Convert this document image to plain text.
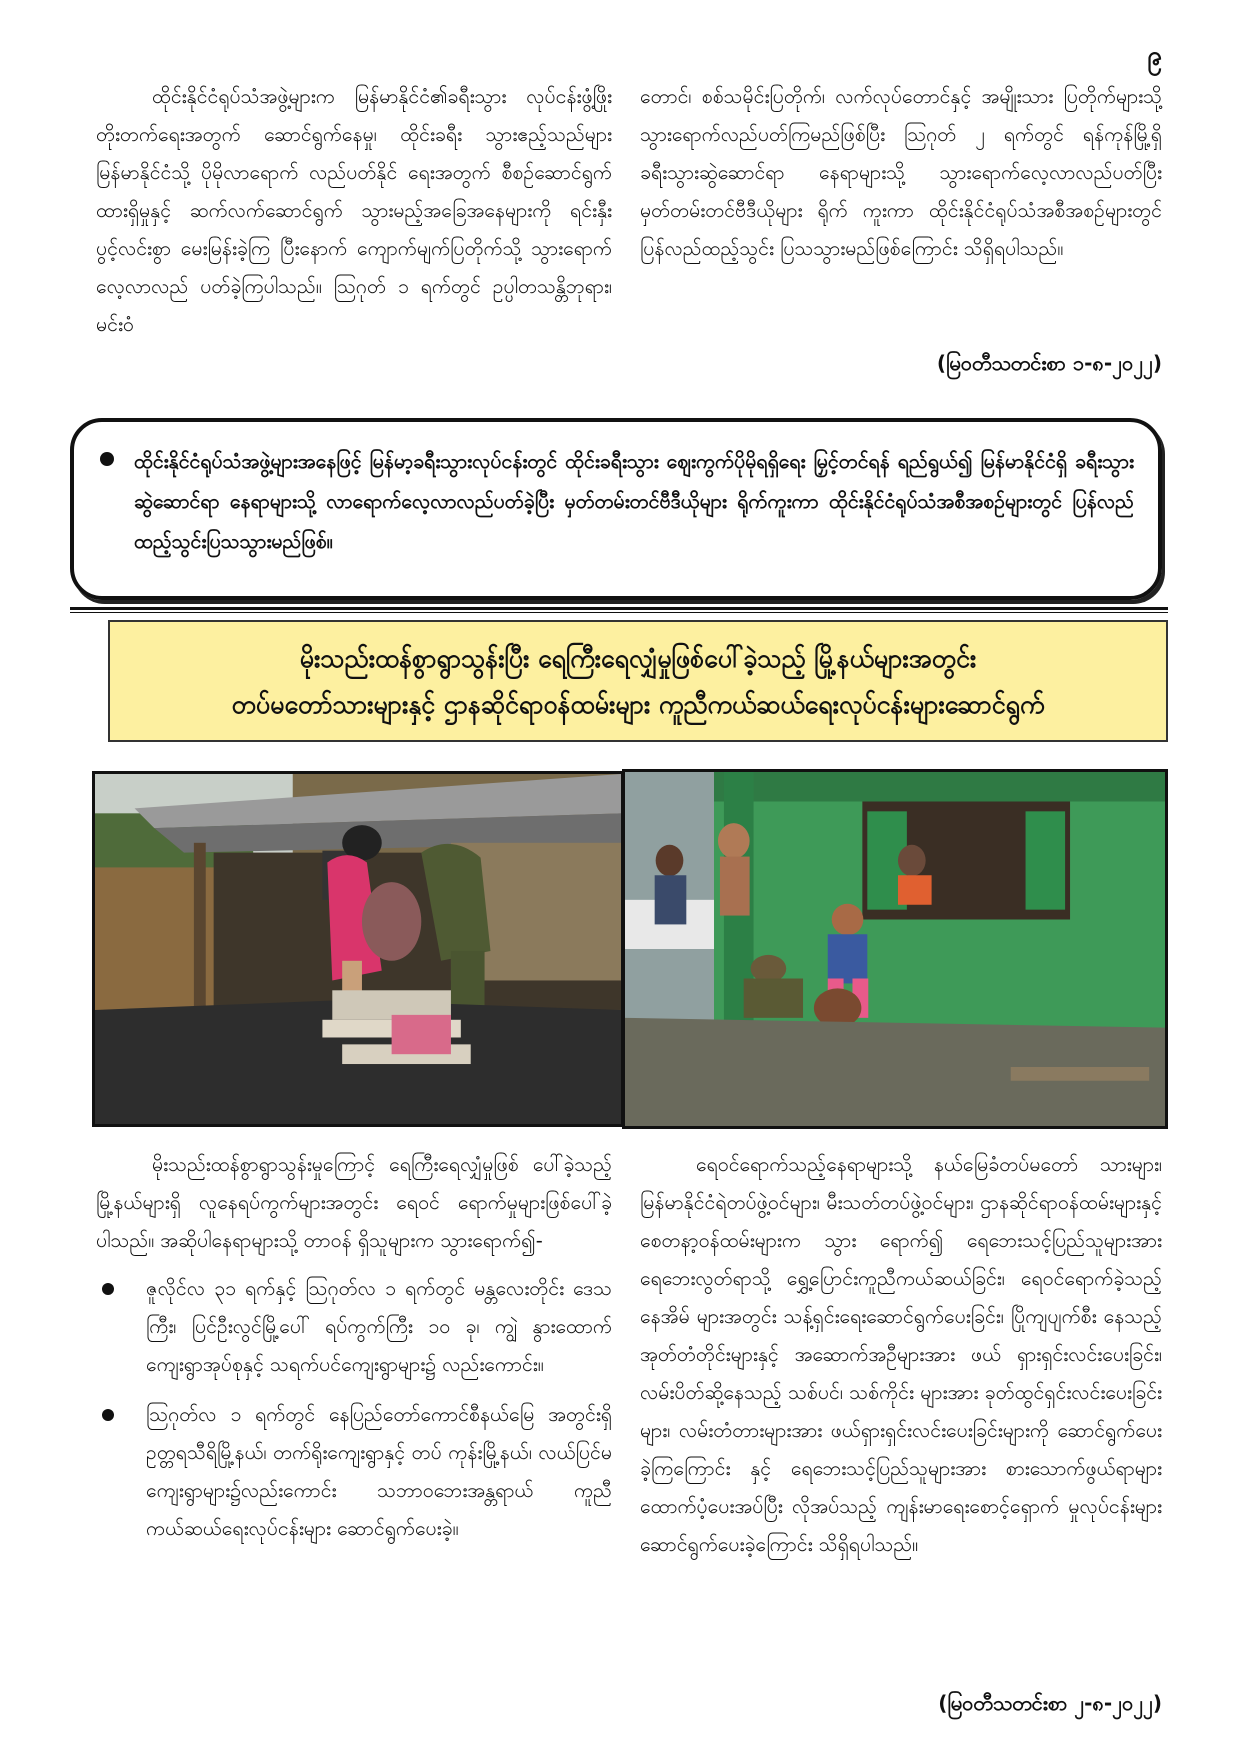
၉

ထိုင်းနိုင်ငံရုပ်သံအဖွဲ့များက မြန်မာနိုင်ငံ၏ခရီးသွား လုပ်ငန်းဖွံ့ဖြိုးတိုးတက်ရေးအတွက် ဆောင်ရွက်နေမှု၊ ထိုင်းခရီး သွားဧည့်သည်များ မြန်မာနိုင်ငံသို့ ပိုမိုလာရောက် လည်ပတ်နိုင် ရေးအတွက် စီစဉ်ဆောင်ရွက်ထားရှိမှုနှင့် ဆက်လက်ဆောင်ရွက် သွားမည့်အခြေအနေများကို ရင်းနှီးပွင့်လင်းစွာ မေးမြန်းခဲ့ကြ ပြီးနောက် ကျောက်မျက်ပြတိုက်သို့ သွားရောက်လေ့လာလည် ပတ်ခဲ့ကြပါသည်။ ဩဂုတ် ၁ ရက်တွင် ဥပ္ပါတသန္တိဘုရား၊ မင်းဝံ

တောင်၊ စစ်သမိုင်းပြတိုက်၊ လက်လုပ်တောင်နှင့် အမျိုးသား ပြတိုက်များသို့ သွားရောက်လည်ပတ်ကြမည်ဖြစ်ပြီး ဩဂုတ် ၂ ရက်တွင် ရန်ကုန်မြို့ရှိ ခရီးသွားဆွဲဆောင်ရာ နေရာများသို့ သွားရောက်လေ့လာလည်ပတ်ပြီး မှတ်တမ်းတင်ဗီဒီယိုများ ရိုက် ကူးကာ ထိုင်းနိုင်ငံရုပ်သံအစီအစဉ်များတွင် ပြန်လည်ထည့်သွင်း ပြသသွားမည်ဖြစ်ကြောင်း သိရှိရပါသည်။

(မြဝတီသတင်းစာ ၁-၈-၂၀၂၂)
ထိုင်းနိုင်ငံရုပ်သံအဖွဲ့များအနေဖြင့် မြန်မာ့ခရီးသွားလုပ်ငန်းတွင် ထိုင်းခရီးသွား ဈေးကွက်ပိုမိုရရှိရေး မြှင့်တင်ရန် ရည်ရွယ်၍ မြန်မာနိုင်ငံရှိ ခရီးသွားဆွဲဆောင်ရာ နေရာများသို့ လာရောက်လေ့လာလည်ပတ်ခဲ့ပြီး မှတ်တမ်းတင်ဗီဒီယိုများ ရိုက်ကူးကာ ထိုင်းနိုင်ငံရုပ်သံအစီအစဉ်များတွင် ပြန်လည်ထည့်သွင်းပြသသွားမည်ဖြစ်။
မိုးသည်းထန်စွာရွာသွန်းပြီး ရေကြီးရေလျှံမှုဖြစ်ပေါ်ခဲ့သည့် မြို့နယ်များအတွင်း
တပ်မတော်သားများနှင့် ဌာနဆိုင်ရာဝန်ထမ်းများ ကူညီကယ်ဆယ်ရေးလုပ်ငန်းများဆောင်ရွက်

မိုးသည်းထန်စွာရွာသွန်းမှုကြောင့် ရေကြီးရေလျှံမှုဖြစ် ပေါ်ခဲ့သည့် မြို့နယ်များရှိ လူနေရပ်ကွက်များအတွင်း ရေဝင် ရောက်မှုများဖြစ်ပေါ်ခဲ့ပါသည်။ အဆိုပါနေရာများသို့ တာဝန် ရှိသူများက သွားရောက်၍-

ဇူလိုင်လ ၃၁ ရက်နှင့် ဩဂုတ်လ ၁ ရက်တွင် မန္တလေးတိုင်း ဒေသကြီး၊ ပြင်ဦးလွင်မြို့ပေါ် ရပ်ကွက်ကြီး ၁၀ ခု၊ ကျွဲ နွားထောက်ကျေးရွာအုပ်စုနှင့် သရက်ပင်ကျေးရွာများ၌ လည်းကောင်း။
ဩဂုတ်လ ၁ ရက်တွင် နေပြည်တော်ကောင်စီနယ်မြေ အတွင်းရှိ ဥတ္တရသီရိမြို့နယ်၊ တက်ရိုးကျေးရွာနှင့် တပ် ကုန်းမြို့နယ်၊ လယ်ပြင်မကျေးရွာများ၌လည်းကောင်း သဘာဝဘေးအန္တရာယ် ကူညီကယ်ဆယ်ရေးလုပ်ငန်းများ ဆောင်ရွက်ပေးခဲ့။

ရေဝင်ရောက်သည့်နေရာများသို့ နယ်မြေခံတပ်မတော် သားများ၊ မြန်မာနိုင်ငံရဲတပ်ဖွဲ့ဝင်များ၊ မီးသတ်တပ်ဖွဲ့ဝင်များ၊ ဌာနဆိုင်ရာဝန်ထမ်းများနှင့် စေတနာ့ဝန်ထမ်းများက သွား ရောက်၍ ရေဘေးသင့်ပြည်သူများအား ရေဘေးလွတ်ရာသို့ ရွှေ့ပြောင်းကူညီကယ်ဆယ်ခြင်း၊ ရေဝင်ရောက်ခဲ့သည့် နေအိမ် များအတွင်း သန့်ရှင်းရေးဆောင်ရွက်ပေးခြင်း၊ ပြိုကျပျက်စီး နေသည့် အုတ်တံတိုင်းများနှင့် အဆောက်အဦများအား ဖယ် ရှားရှင်းလင်းပေးခြင်း၊ လမ်းပိတ်ဆို့နေသည့် သစ်ပင်၊ သစ်ကိုင်း များအား ခုတ်ထွင်ရှင်းလင်းပေးခြင်းများ၊ လမ်းတံတားများအား ဖယ်ရှားရှင်းလင်းပေးခြင်းများကို ဆောင်ရွက်ပေးခဲ့ကြကြောင်း နှင့် ရေဘေးသင့်ပြည်သူများအား စားသောက်ဖွယ်ရာများ ထောက်ပံ့ပေးအပ်ပြီး လိုအပ်သည့် ကျန်းမာရေးစောင့်ရှောက် မှုလုပ်ငန်းများ ဆောင်ရွက်ပေးခဲ့ကြောင်း သိရှိရပါသည်။

(မြဝတီသတင်းစာ ၂-၈-၂၀၂၂)
